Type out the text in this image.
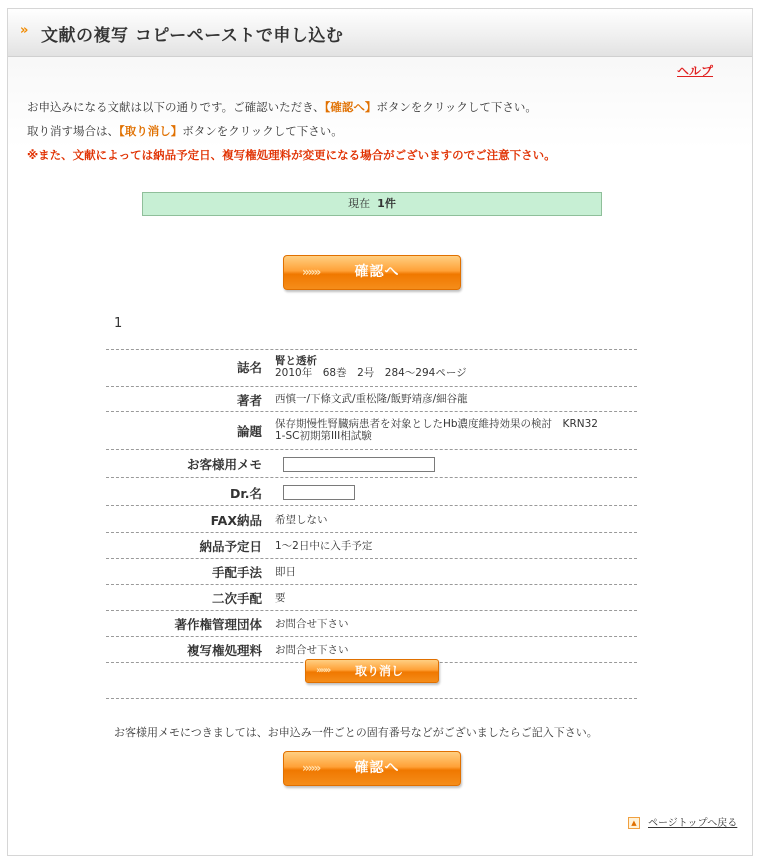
» 文献の複写 コピーペーストで申し込む
ヘルプ
お申込みになる文献は以下の通りです。ご確認いただき、【確認へ】ボタンをクリックして下さい。
取り消す場合は、【取り消し】ボタンをクリックして下さい。
※また、文献によっては納品予定日、複写権処理料が変更になる場合がございますのでご注意下さい。
現在 1件
»»»	確認へ
1
誌名 腎と透析
2010年　68巻　2号　284〜294ページ
著者 西慎一/下條文武/重松隆/飯野靖彦/細谷龍
論題 保存期慢性腎臓病患者を対象としたHb濃度維持効果の検討　KRN32
1-SC初期第III相試験
お客様用メモ
Dr.名
FAX納品 希望しない
納品予定日 1〜2日中に入手予定
手配手法 即日
二次手配 要
著作権管理団体 お問合せ下さい
複写権処理料 お問合せ下さい
»»» 取り消し
お客様用メモにつきましては、お申込み一件ごとの固有番号などがございましたらご記入下さい。
»»»	確認へ
▲ ページトップへ戻る
